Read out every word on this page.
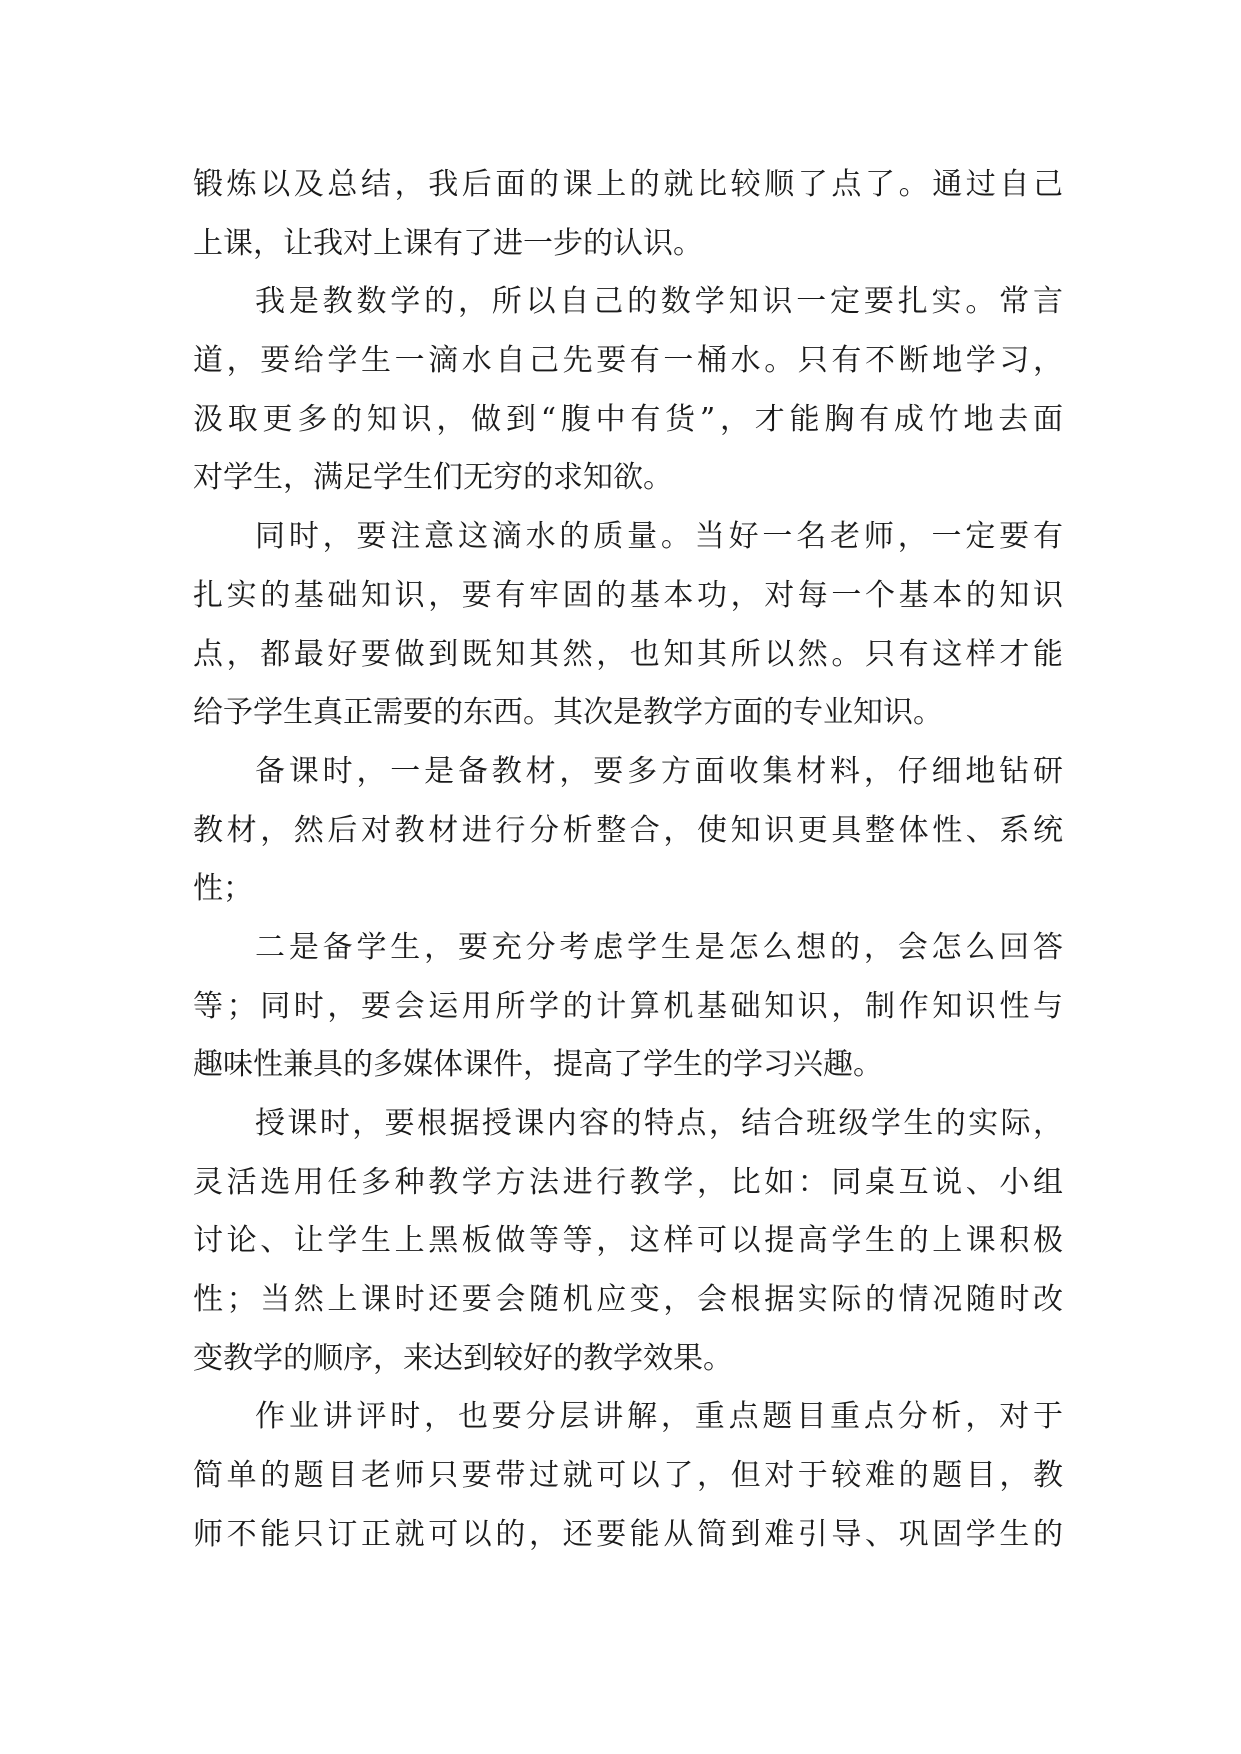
锻炼以及总结，我后面的课上的就比较顺了点了。通过自己
上课，让我对上课有了进一步的认识。
我是教数学的，所以自己的数学知识一定要扎实。常言
道，要给学生一滴水自己先要有一桶水。只有不断地学习，
汲取更多的知识，做到“腹中有货”，才能胸有成竹地去面
对学生，满足学生们无穷的求知欲。
同时，要注意这滴水的质量。当好一名老师，一定要有
扎实的基础知识，要有牢固的基本功，对每一个基本的知识
点，都最好要做到既知其然，也知其所以然。只有这样才能
给予学生真正需要的东西。其次是教学方面的专业知识。
备课时，一是备教材，要多方面收集材料，仔细地钻研
教材，然后对教材进行分析整合，使知识更具整体性、系统
性；
二是备学生，要充分考虑学生是怎么想的，会怎么回答
等；同时，要会运用所学的计算机基础知识，制作知识性与
趣味性兼具的多媒体课件，提高了学生的学习兴趣。
授课时，要根据授课内容的特点，结合班级学生的实际，
灵活选用任多种教学方法进行教学，比如：同桌互说、小组
讨论、让学生上黑板做等等，这样可以提高学生的上课积极
性；当然上课时还要会随机应变，会根据实际的情况随时改
变教学的顺序，来达到较好的教学效果。
作业讲评时，也要分层讲解，重点题目重点分析，对于
简单的题目老师只要带过就可以了，但对于较难的题目，教
师不能只订正就可以的，还要能从简到难引导、巩固学生的
